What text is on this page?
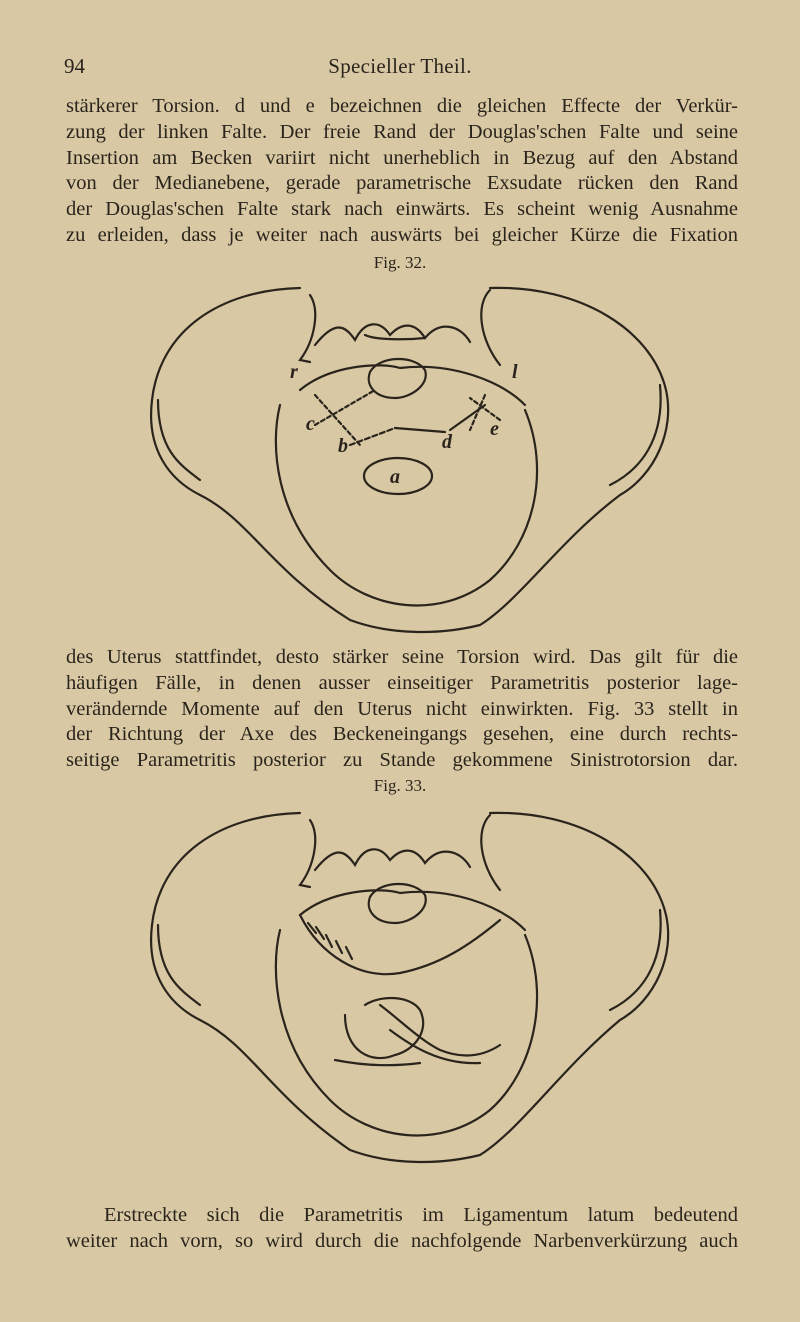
94	Specieller Theil.
stärkerer Torsion. d und e bezeichnen die gleichen Effecte der Verkür-
zung der linken Falte. Der freie Rand der Douglas'schen Falte und seine
Insertion am Becken variirt nicht unerheblich in Bezug auf den Abstand
von der Medianebene, gerade parametrische Exsudate rücken den Rand
der Douglas'schen Falte stark nach einwärts. Es scheint wenig Ausnahme
zu erleiden, dass je weiter nach auswärts bei gleicher Kürze die Fixation
Fig. 32.
r	l
c	e
b	d
a
des Uterus stattfindet, desto stärker seine Torsion wird. Das gilt für die
häufigen Fälle, in denen ausser einseitiger Parametritis posterior lage-
verändernde Momente auf den Uterus nicht einwirkten. Fig. 33 stellt in
der Richtung der Axe des Beckeneingangs gesehen, eine durch rechts-
seitige Parametritis posterior zu Stande gekommene Sinistrotorsion dar.
Fig. 33.
Erstreckte sich die Parametritis im Ligamentum latum bedeutend
weiter nach vorn, so wird durch die nachfolgende Narbenverkürzung auch
